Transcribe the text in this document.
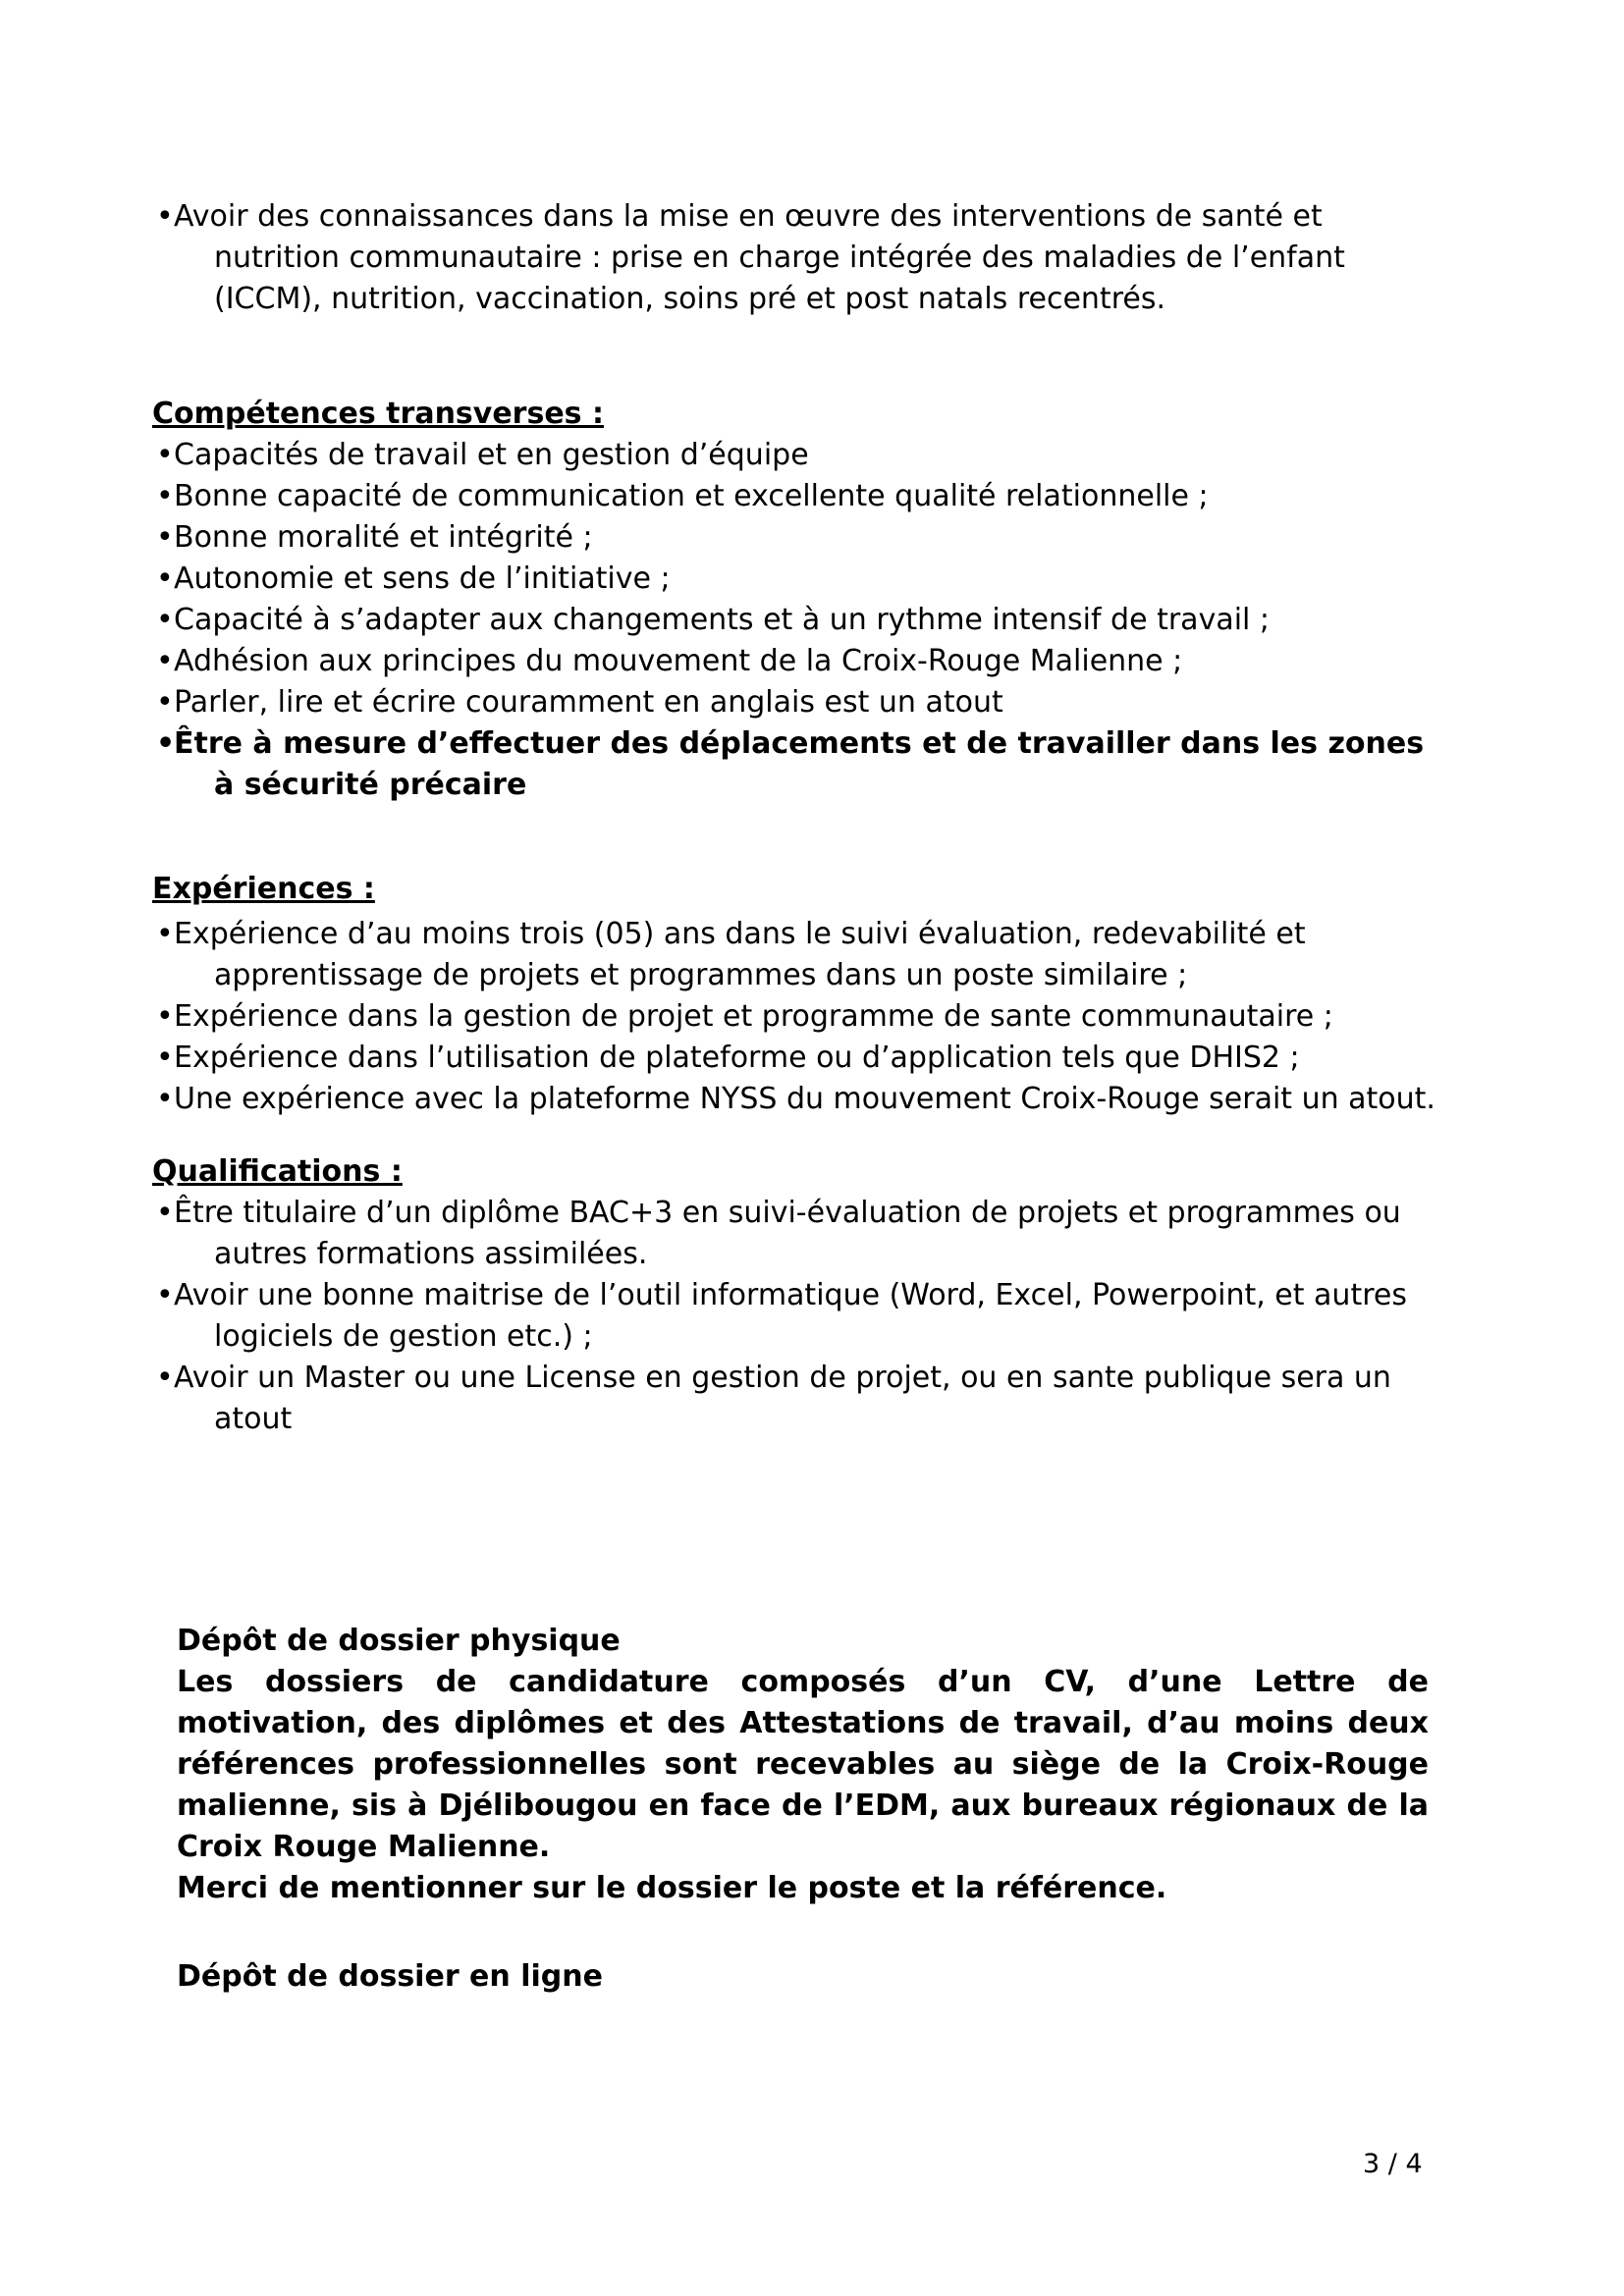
• Avoir des connaissances dans la mise en œuvre des interventions de santé et nutrition communautaire : prise en charge intégrée des maladies de l’enfant (ICCM), nutrition, vaccination, soins pré et post natals recentrés.
Compétences transverses :
• Capacités de travail et en gestion d’équipe
• Bonne capacité de communication et excellente qualité relationnelle ;
• Bonne moralité et intégrité ;
• Autonomie et sens de l’initiative ;
• Capacité à s’adapter aux changements et à un rythme intensif de travail ;
• Adhésion aux principes du mouvement de la Croix-Rouge Malienne ;
• Parler, lire et écrire couramment en anglais est un atout
•
Être à mesure d’effectuer des déplacements et de travailler dans les zones à sécurité précaire
Expériences :
• Expérience d’au moins trois (05) ans dans le suivi évaluation, redevabilité et apprentissage de projets et programmes dans un poste similaire ;
• Expérience dans la gestion de projet et programme de sante communautaire ;
• Expérience dans l’utilisation de plateforme ou d’application tels que DHIS2 ;
• Une expérience avec la plateforme NYSS du mouvement Croix-Rouge serait un atout.
Qualifications :
• Être titulaire d’un diplôme BAC+3 en suivi-évaluation de projets et programmes ou autres formations assimilées.
• Avoir une bonne maitrise de l’outil informatique (Word, Excel, Powerpoint, et autres logiciels de gestion etc.) ;
• Avoir un Master ou une License en gestion de projet, ou en sante publique sera un atout
Dépôt de dossier physique
Les dossiers de candidature composés d’un CV, d’une Lettre de motivation, des diplômes et des Attestations de travail, d’au moins deux références professionnelles sont recevables au siège de la Croix-Rouge malienne, sis à Djélibougou en face de l’EDM, aux bureaux régionaux de la Croix Rouge Malienne.
Merci de mentionner sur le dossier le poste et la référence.
Dépôt de dossier en ligne
3 / 4
